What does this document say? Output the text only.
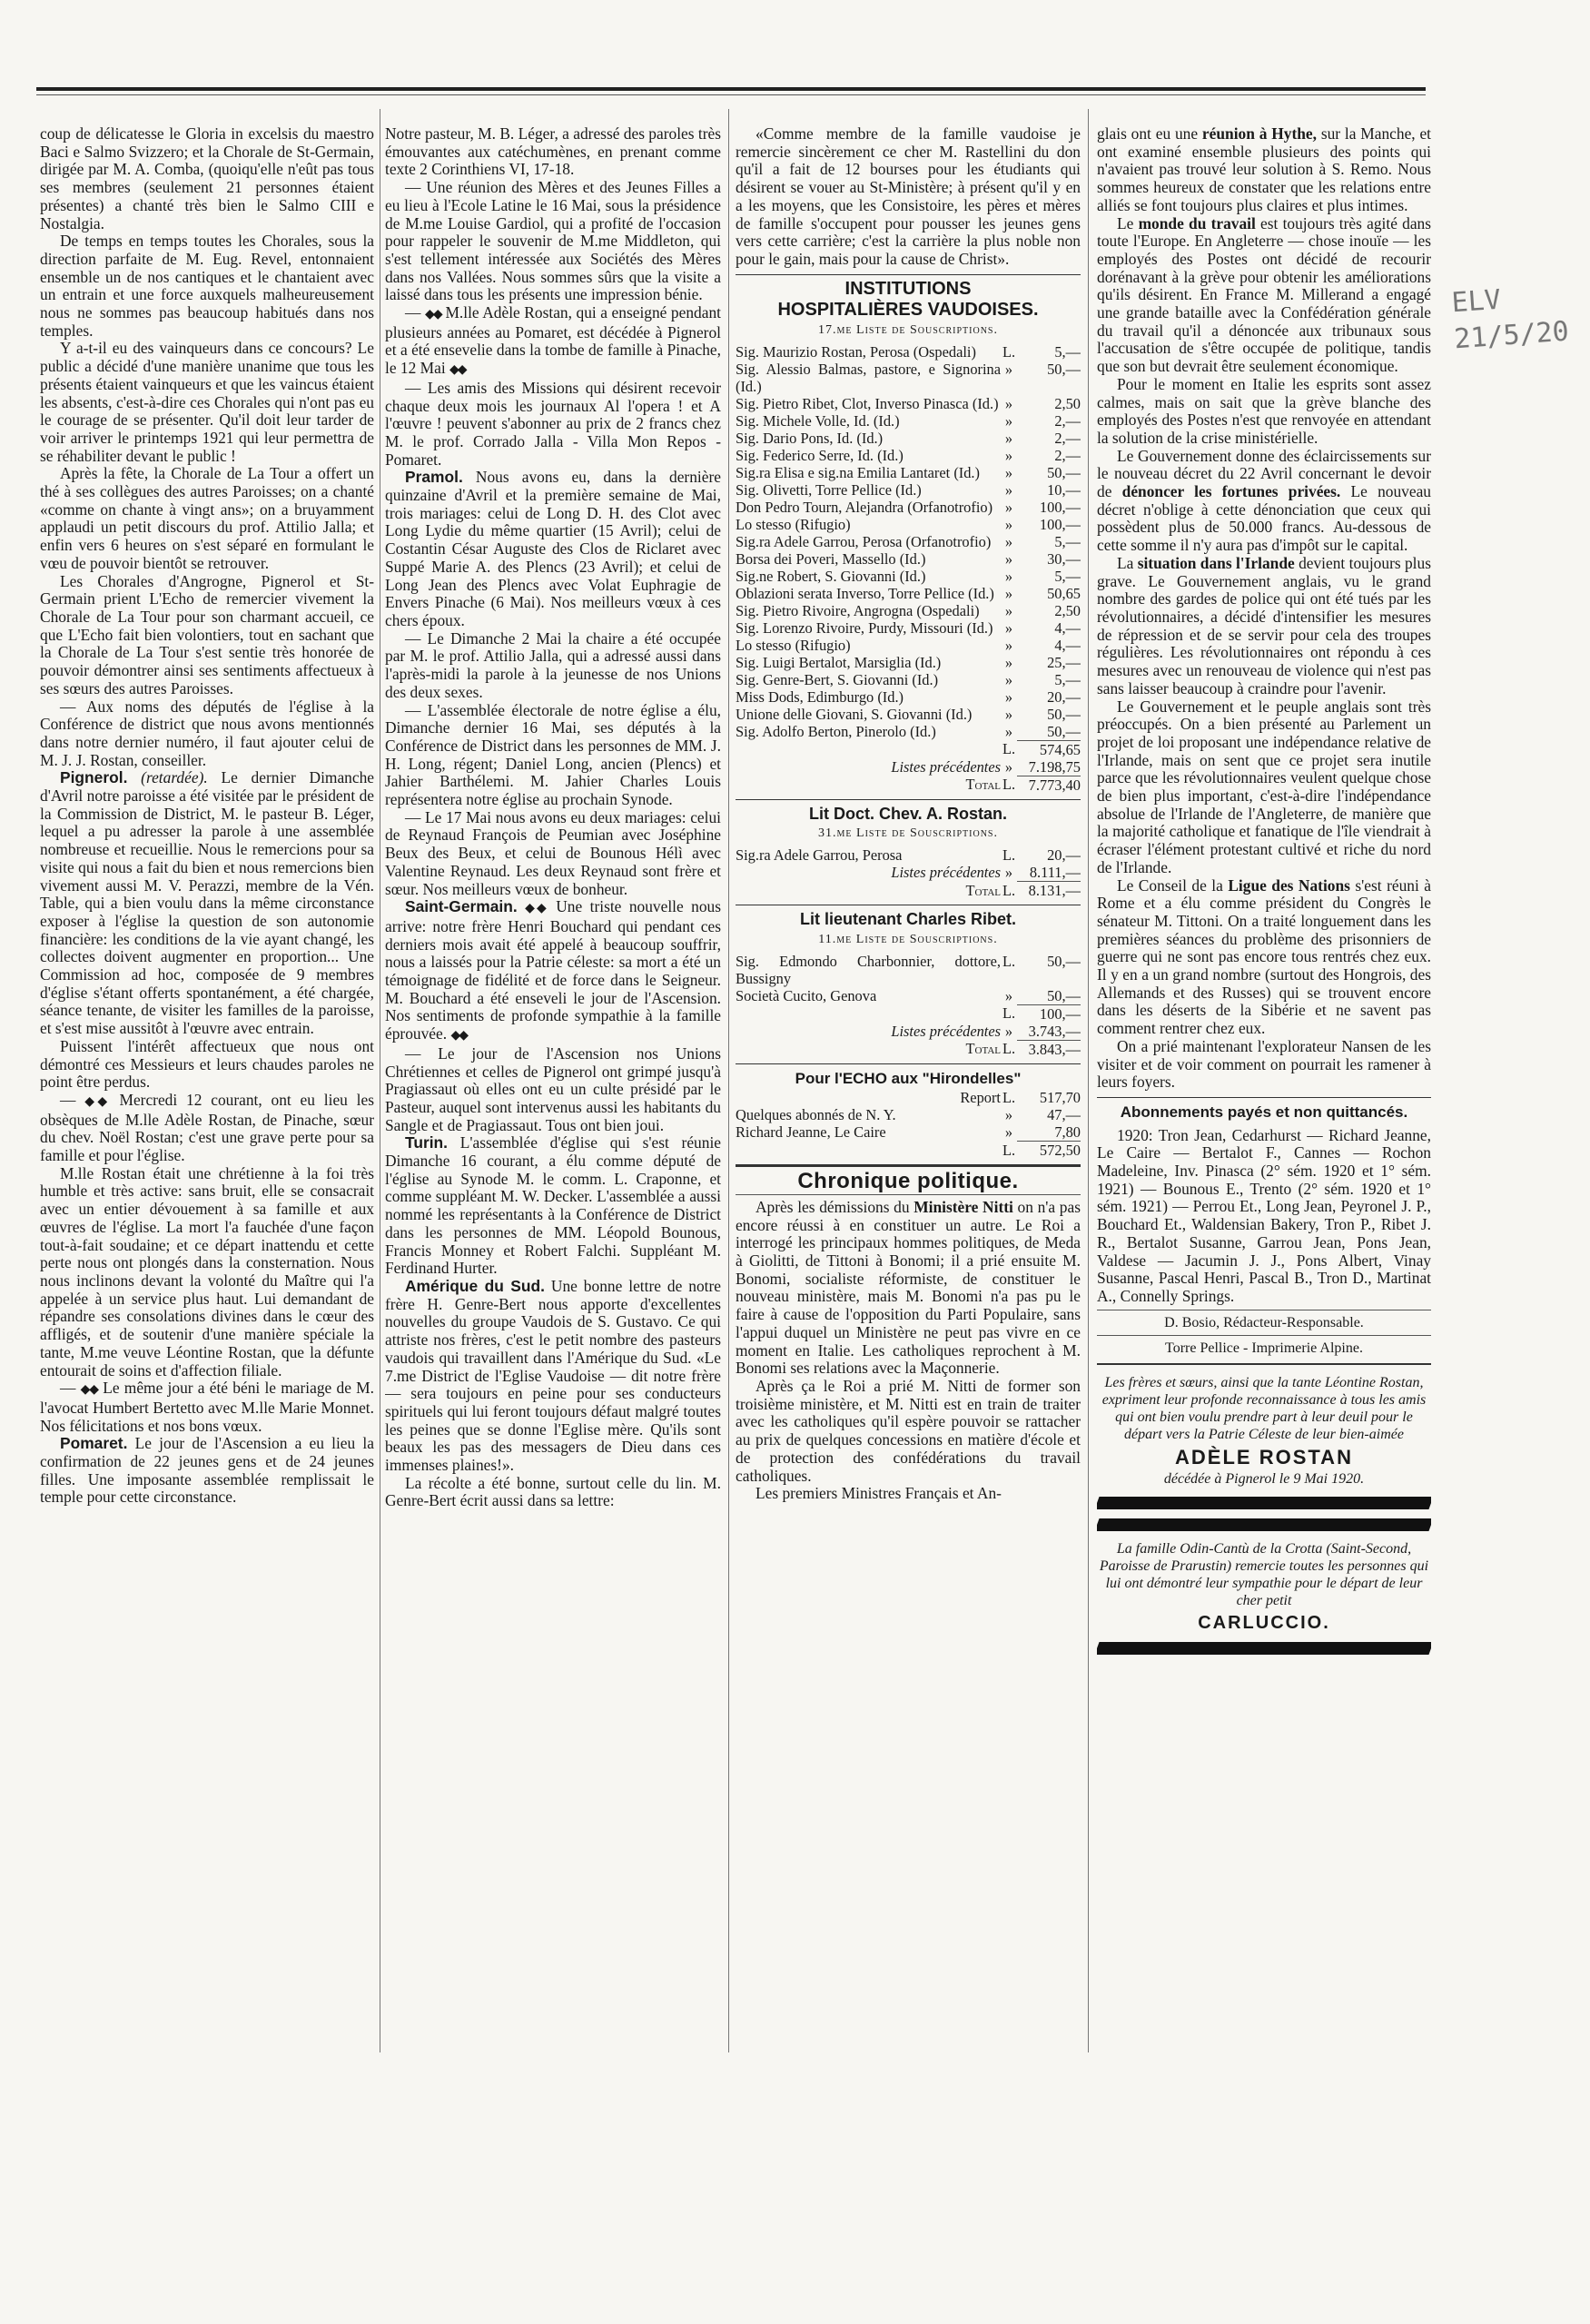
ELV
21/5/20

coup de délicatesse le Gloria in excelsis du maestro Baci e Salmo Svizzero; et la Chorale de St-Germain, dirigée par M. A. Comba, (quoiqu'elle n'eût pas tous ses membres (seulement 21 personnes étaient présentes) a chanté très bien le Salmo CIII e Nostalgia.

De temps en temps toutes les Chorales, sous la direction parfaite de M. Eug. Revel, entonnaient ensemble un de nos cantiques et le chantaient avec un entrain et une force auxquels malheureusement nous ne sommes pas beaucoup habitués dans nos temples.

Y a-t-il eu des vainqueurs dans ce concours? Le public a décidé d'une manière unanime que tous les présents étaient vainqueurs et que les vaincus étaient les absents, c'est-à-dire ces Chorales qui n'ont pas eu le courage de se présenter. Qu'il doit leur tarder de voir arriver le printemps 1921 qui leur permettra de se réhabiliter devant le public !

Après la fête, la Chorale de La Tour a offert un thé à ses collègues des autres Paroisses; on a chanté «comme on chante à vingt ans»; on a bruyamment applaudi un petit discours du prof. Attilio Jalla; et enfin vers 6 heures on s'est séparé en formulant le vœu de pouvoir bientôt se retrouver.

Les Chorales d'Angrogne, Pignerol et St-Germain prient L'Echo de remercier vivement la Chorale de La Tour pour son charmant accueil, ce que L'Echo fait bien volontiers, tout en sachant que la Chorale de La Tour s'est sentie très honorée de pouvoir démontrer ainsi ses sentiments affectueux à ses sœurs des autres Paroisses.

— Aux noms des députés de l'église à la Conférence de district que nous avons mentionnés dans notre dernier numéro, il faut ajouter celui de M. J. J. Rostan, conseiller.

Pignerol. (retardée). Le dernier Dimanche d'Avril notre paroisse a été visitée par le président de la Commission de District, M. le pasteur B. Léger, lequel a pu adresser la parole à une assemblée nombreuse et recueillie. Nous le remercions pour sa visite qui nous a fait du bien et nous remercions bien vivement aussi M. V. Perazzi, membre de la Vén. Table, qui a bien voulu dans la même circonstance exposer à l'église la question de son autonomie financière: les conditions de la vie ayant changé, les collectes doivent augmenter en proportion... Une Commission ad hoc, composée de 9 membres d'église s'étant offerts spontanément, a été chargée, séance tenante, de visiter les familles de la paroisse, et s'est mise aussitôt à l'œuvre avec entrain.

Puissent l'intérêt affectueux que nous ont démontré ces Messieurs et leurs chaudes paroles ne point être perdus.

— ◆◆ Mercredi 12 courant, ont eu lieu les obsèques de M.lle Adèle Rostan, de Pinache, sœur du chev. Noël Rostan; c'est une grave perte pour sa famille et pour l'église.

M.lle Rostan était une chrétienne à la foi très humble et très active: sans bruit, elle se consacrait avec un entier dévouement à sa famille et aux œuvres de l'église. La mort l'a fauchée d'une façon tout-à-fait soudaine; et ce départ inattendu et cette perte nous ont plongés dans la consternation. Nous nous inclinons devant la volonté du Maître qui l'a appelée à un service plus haut. Lui demandant de répandre ses consolations divines dans le cœur des affligés, et de soutenir d'une manière spéciale la tante, M.me veuve Léontine Rostan, que la défunte entourait de soins et d'affection filiale.

— ◆◆ Le même jour a été béni le mariage de M. l'avocat Humbert Bertetto avec M.lle Marie Monnet. Nos félicitations et nos bons vœux.

Pomaret. Le jour de l'Ascension a eu lieu la confirmation de 22 jeunes gens et de 24 jeunes filles. Une imposante assemblée remplissait le temple pour cette circonstance.

Notre pasteur, M. B. Léger, a adressé des paroles très émouvantes aux catéchumènes, en prenant comme texte 2 Corinthiens VI, 17-18.

— Une réunion des Mères et des Jeunes Filles a eu lieu à l'Ecole Latine le 16 Mai, sous la présidence de M.me Louise Gardiol, qui a profité de l'occasion pour rappeler le souvenir de M.me Middleton, qui s'est tellement intéressée aux Sociétés des Mères dans nos Vallées. Nous sommes sûrs que la visite a laissé dans tous les présents une impression bénie.

— ◆◆ M.lle Adèle Rostan, qui a enseigné pendant plusieurs années au Pomaret, est décédée à Pignerol et a été ensevelie dans la tombe de famille à Pinache, le 12 Mai ◆◆

— Les amis des Missions qui désirent recevoir chaque deux mois les journaux Al l'opera ! et A l'œuvre ! peuvent s'abonner au prix de 2 francs chez M. le prof. Corrado Jalla - Villa Mon Repos - Pomaret.

Pramol. Nous avons eu, dans la dernière quinzaine d'Avril et la première semaine de Mai, trois mariages: celui de Long D. H. des Clot avec Long Lydie du même quartier (15 Avril); celui de Costantin César Auguste des Clos de Riclaret avec Suppé Marie A. des Plencs (23 Avril); et celui de Long Jean des Plencs avec Volat Euphragie de Envers Pinache (6 Mai). Nos meilleurs vœux à ces chers époux.

— Le Dimanche 2 Mai la chaire a été occupée par M. le prof. Attilio Jalla, qui a adressé aussi dans l'après-midi la parole à la jeunesse de nos Unions des deux sexes.

— L'assemblée électorale de notre église a élu, Dimanche dernier 16 Mai, ses députés à la Conférence de District dans les personnes de MM. J. H. Long, régent; Daniel Long, ancien (Plencs) et Jahier Barthélemi. M. Jahier Charles Louis représentera notre église au prochain Synode.

— Le 17 Mai nous avons eu deux mariages: celui de Reynaud François de Peumian avec Joséphine Beux des Beux, et celui de Bounous Hélì avec Valentine Reynaud. Les deux Reynaud sont frère et sœur. Nos meilleurs vœux de bonheur.

Saint-Germain. ◆◆ Une triste nouvelle nous arrive: notre frère Henri Bouchard qui pendant ces derniers mois avait été appelé à beaucoup souffrir, nous a laissés pour la Patrie céleste: sa mort a été un témoignage de fidélité et de force dans le Seigneur. M. Bouchard a été enseveli le jour de l'Ascension. Nos sentiments de profonde sympathie à la famille éprouvée. ◆◆

— Le jour de l'Ascension nos Unions Chrétiennes et celles de Pignerol ont grimpé jusqu'à Pragiassaut où elles ont eu un culte présidé par le Pasteur, auquel sont intervenus aussi les habitants du Sangle et de Pragiassaut. Tous ont bien joui.

Turin. L'assemblée d'église qui s'est réunie Dimanche 16 courant, a élu comme député de l'église au Synode M. le comm. L. Craponne, et comme suppléant M. W. Decker. L'assemblée a aussi nommé les représentants à la Conférence de District dans les personnes de MM. Léopold Bounous, Francis Monney et Robert Falchi. Suppléant M. Ferdinand Hurter.

Amérique du Sud. Une bonne lettre de notre frère H. Genre-Bert nous apporte d'excellentes nouvelles du groupe Vaudois de S. Gustavo. Ce qui attriste nos frères, c'est le petit nombre des pasteurs vaudois qui travaillent dans l'Amérique du Sud. «Le 7.me District de l'Eglise Vaudoise — dit notre frère — sera toujours en peine pour ses conducteurs spirituels qui lui feront toujours défaut malgré toutes les peines que se donne l'Eglise mère. Qu'ils sont beaux les pas des messagers de Dieu dans ces immenses plaines!».

La récolte a été bonne, surtout celle du lin. M. Genre-Bert écrit aussi dans sa lettre:

«Comme membre de la famille vaudoise je remercie sincèrement ce cher M. Rastellini du don qu'il a fait de 12 bourses pour les étudiants qui désirent se vouer au St-Ministère; à présent qu'il y en a les moyens, que les Consistoire, les pères et mères de famille s'occupent pour pousser les jeunes gens vers cette carrière; c'est la carrière la plus noble non pour le gain, mais pour la cause de Christ».

INSTITUTIONS
HOSPITALIÈRES VAUDOISES.
17.me Liste de Souscriptions.
Sig. Maurizio Rostan, Perosa (Ospedali)	L.	5,—
Sig. Alessio Balmas, pastore, e Signorina (Id.)	»	50,—
Sig. Pietro Ribet, Clot, Inverso Pinasca (Id.)	»	2,50
Sig. Michele Volle, Id. (Id.)	»	2,—
Sig. Dario Pons, Id. (Id.)	»	2,—
Sig. Federico Serre, Id. (Id.)	»	2,—
Sig.ra Elisa e sig.na Emilia Lantaret (Id.)	»	50,—
Sig. Olivetti, Torre Pellice (Id.)	»	10,—
Don Pedro Tourn, Alejandra (Orfanotrofio)	»	100,—
Lo stesso (Rifugio)	»	100,—
Sig.ra Adele Garrou, Perosa (Orfanotrofio)	»	5,—
Borsa dei Poveri, Massello (Id.)	»	30,—
Sig.ne Robert, S. Giovanni (Id.)	»	5,—
Oblazioni serata Inverso, Torre Pellice (Id.)	»	50,65
Sig. Pietro Rivoire, Angrogna (Ospedali)	»	2,50
Sig. Lorenzo Rivoire, Purdy, Missouri (Id.)	»	4,—
Lo stesso (Rifugio)	»	4,—
Sig. Luigi Bertalot, Marsiglia (Id.)	»	25,—
Sig. Genre-Bert, S. Giovanni (Id.)	»	5,—
Miss Dods, Edimburgo (Id.)	»	20,—
Unione delle Giovani, S. Giovanni (Id.)	»	50,—
Sig. Adolfo Berton, Pinerolo (Id.)	»	50,—
	L.	574,65
Listes précédentes	»	7.198,75
Total	L.	7.773,40
Lit Doct. Chev. A. Rostan.
31.me Liste de Souscriptions.
Sig.ra Adele Garrou, Perosa	L.	20,—
Listes précédentes	»	8.111,—
Total	L.	8.131,—
Lit lieutenant Charles Ribet.
11.me Liste de Souscriptions.
Sig. Edmondo Charbonnier, dottore, Bussigny	L.	50,—
Società Cucito, Genova	»	50,—
	L.	100,—
Listes précédentes	»	3.743,—
Total	L.	3.843,—
Pour l'ECHO aux "Hirondelles"
	Report	L.	517,70
Quelques abonnés de N. Y.		»	47,—
Richard Jeanne, Le Caire		»	7,80
		L.	572,50
Chronique politique.

Après les démissions du Ministère Nitti on n'a pas encore réussi à en constituer un autre. Le Roi a interrogé les principaux hommes politiques, de Meda à Giolitti, de Tittoni à Bonomi; il a prié ensuite M. Bonomi, socialiste réformiste, de constituer le nouveau ministère, mais M. Bonomi n'a pas pu le faire à cause de l'opposition du Parti Populaire, sans l'appui duquel un Ministère ne peut pas vivre en ce moment en Italie. Les catholiques reprochent à M. Bonomi ses relations avec la Maçonnerie.

Après ça le Roi a prié M. Nitti de former son troisième ministère, et M. Nitti est en train de traiter avec les catholiques qu'il espère pouvoir se rattacher au prix de quelques concessions en matière d'école et de protection des confédérations du travail catholiques.

Les premiers Ministres Français et An-

glais ont eu une réunion à Hythe, sur la Manche, et ont examiné ensemble plusieurs des points qui n'avaient pas trouvé leur solution à S. Remo. Nous sommes heureux de constater que les relations entre alliés se font toujours plus claires et plus intimes.

Le monde du travail est toujours très agité dans toute l'Europe. En Angleterre — chose inouïe — les employés des Postes ont décidé de recourir dorénavant à la grève pour obtenir les améliorations qu'ils désirent. En France M. Millerand a engagé une grande bataille avec la Confédération générale du travail qu'il a dénoncée aux tribunaux sous l'accusation de s'être occupée de politique, tandis que son but devrait être seulement économique.

Pour le moment en Italie les esprits sont assez calmes, mais on sait que la grève blanche des employés des Postes n'est que renvoyée en attendant la solution de la crise ministérielle.

Le Gouvernement donne des éclaircissements sur le nouveau décret du 22 Avril concernant le devoir de dénoncer les fortunes privées. Le nouveau décret n'oblige à cette dénonciation que ceux qui possèdent plus de 50.000 francs. Au-dessous de cette somme il n'y aura pas d'impôt sur le capital.

La situation dans l'Irlande devient toujours plus grave. Le Gouvernement anglais, vu le grand nombre des gardes de police qui ont été tués par les révolutionnaires, a décidé d'intensifier les mesures de répression et de se servir pour cela des troupes régulières. Les révolutionnaires ont répondu à ces mesures avec un renouveau de violence qui n'est pas sans laisser beaucoup à craindre pour l'avenir.

Le Gouvernement et le peuple anglais sont très préoccupés. On a bien présenté au Parlement un projet de loi proposant une indépendance relative de l'Irlande, mais on sent que ce projet sera inutile parce que les révolutionnaires veulent quelque chose de bien plus important, c'est-à-dire l'indépendance absolue de l'Irlande de l'Angleterre, de manière que la majorité catholique et fanatique de l'île viendrait à écraser l'élément protestant cultivé et riche du nord de l'Irlande.

Le Conseil de la Ligue des Nations s'est réuni à Rome et a élu comme président du Congrès le sénateur M. Tittoni. On a traité longuement dans les premières séances du problème des prisonniers de guerre qui ne sont pas encore tous rentrés chez eux. Il y en a un grand nombre (surtout des Hongrois, des Allemands et des Russes) qui se trouvent encore dans les déserts de la Sibérie et ne savent pas comment rentrer chez eux.

On a prié maintenant l'explorateur Nansen de les visiter et de voir comment on pourrait les ramener à leurs foyers.

Abonnements payés et non quittancés.

1920: Tron Jean, Cedarhurst — Richard Jeanne, Le Caire — Bertalot F., Cannes — Rochon Madeleine, Inv. Pinasca (2° sém. 1920 et 1° sém. 1921) — Bounous E., Trento (2° sém. 1920 et 1° sém. 1921) — Perrou Et., Long Jean, Peyronel J. P., Bouchard Et., Waldensian Bakery, Tron P., Ribet J. R., Bertalot Susanne, Garrou Jean, Pons Jean, Valdese — Jacumin J. J., Pons Albert, Vinay Susanne, Pascal Henri, Pascal B., Tron D., Martinat A., Connelly Springs.

D. Bosio, Rédacteur-Responsable.
Torre Pellice - Imprimerie Alpine.
Les frères et sœurs, ainsi que la tante Léontine Rostan, expriment leur profonde reconnaissance à tous les amis qui ont bien voulu prendre part à leur deuil pour le départ vers la Patrie Céleste de leur bien-aimée
ADÈLE ROSTAN
décédée à Pignerol le 9 Mai 1920.
La famille Odin-Cantù de la Crotta (Saint-Second, Paroisse de Prarustin) remercie toutes les personnes qui lui ont démontré leur sympathie pour le départ de leur cher petit
CARLUCCIO.
